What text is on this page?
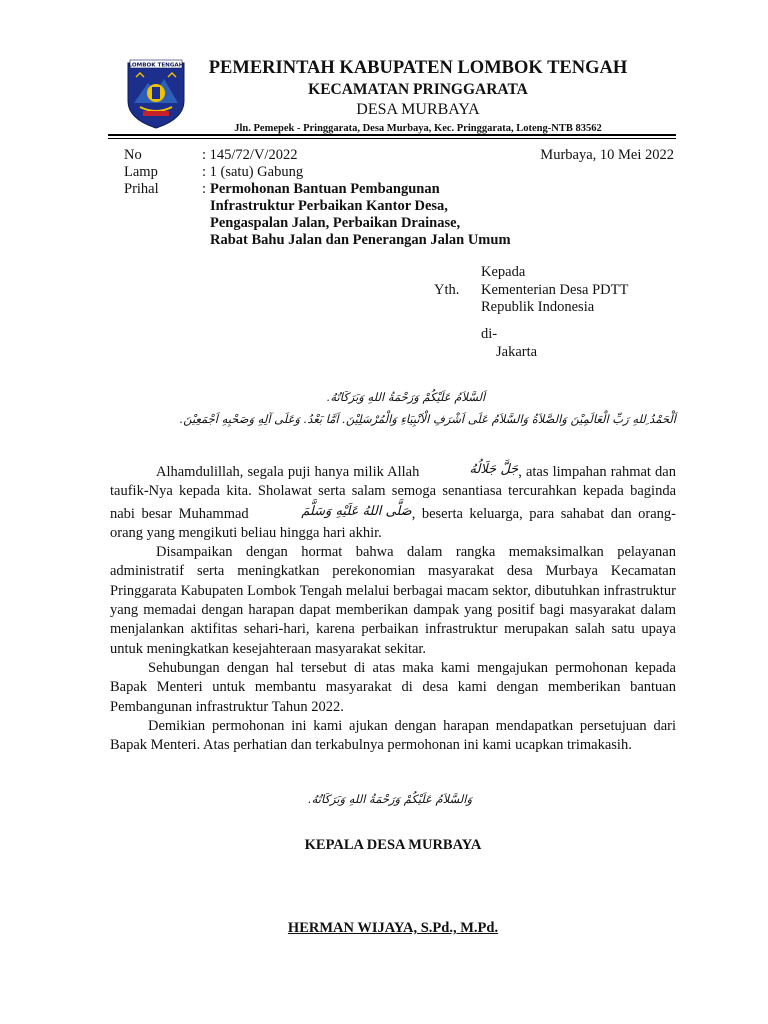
LOMBOK TENGAH	PEMERINTAH KABUPATEN LOMBOK TENGAH
KECAMATAN PRINGGARATA
DESA MURBAYA
Jln. Pemepek - Pringgarata, Desa Murbaya, Kec. Pringgarata, Loteng-NTB 83562
No	: 145/72/V/2022
Lamp	: 1 (satu) Gabung
Prihal	: Permohonan Bantuan Pembangunan
Infrastruktur Perbaikan Kantor Desa,
Pengaspalan Jalan, Perbaikan Drainase,
Rabat Bahu Jalan dan Penerangan Jalan Umum
Murbaya, 10 Mei 2022
Kepada
Kementerian Desa PDTT
Republik Indonesia
Yth.
di-
Jakarta
اَلسَّلاَمُ عَلَيْكُمْ وَرَحْمَةُ اللهِ وَبَرَكَاتُهُ.
اَلْحَمْدُ ِللهِ رَبِّ الْعَالَمِيْنَ وَالصَّلاَةُ وَالسَّلاَمُ عَلَى اَشْرَفِ الْاَنْبِيَاءِ وَالْمُرْسَلِيْنَ. اَمَّا بَعْدُ. وَعَلَى آلِهِ وَصَحْبِهِ اَجْمَعِيْنَ.

Alhamdulillah, segala puji hanya milik Allah	جَلَّ جَلَالُهُ, atas limpahan rahmat dan taufik-Nya kepada kita. Sholawat serta salam semoga senantiasa tercurahkan kepada baginda nabi besar Muhammad	صَلَّى اللهُ عَلَيْهِ وَسَلَّمَ, beserta keluarga, para sahabat dan orang-orang yang mengikuti beliau hingga hari akhir.

Disampaikan dengan hormat bahwa dalam rangka memaksimalkan pelayanan administratif serta meningkatkan perekonomian masyarakat desa Murbaya Kecamatan Pringgarata Kabupaten Lombok Tengah melalui berbagai macam sektor, dibutuhkan infrastruktur yang memadai dengan harapan dapat memberikan dampak yang positif bagi masyarakat dalam menjalankan aktifitas sehari-hari, karena perbaikan infrastruktur merupakan salah satu upaya untuk meningkatkan kesejahteraan masyarakat sekitar.

Sehubungan dengan hal tersebut di atas maka kami mengajukan permohonan kepada Bapak Menteri untuk membantu masyarakat di desa kami dengan memberikan bantuan Pembangunan infrastruktur Tahun 2022.

Demikian permohonan ini kami ajukan dengan harapan mendapatkan persetujuan dari Bapak Menteri. Atas perhatian dan terkabulnya permohonan ini kami ucapkan trimakasih.

وَالسَّلاَمُ عَلَيْكُمْ وَرَحْمَةُ اللهِ وَبَرَكَاتُهُ.
KEPALA DESA MURBAYA
HERMAN WIJAYA, S.Pd., M.Pd.
